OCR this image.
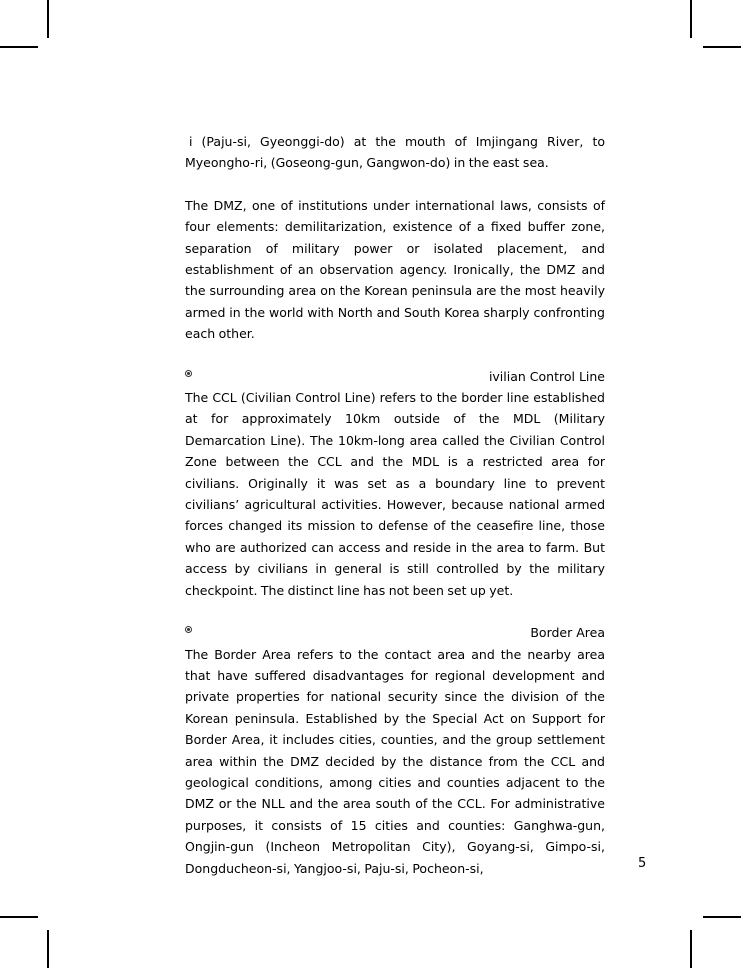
i (Paju-si, Gyeonggi-do) at the mouth of Imjingang River, to Myeongho-ri, (Goseong-gun, Gangwon-do) in the east sea.

The DMZ, one of institutions under international laws, consists of four elements: demilitarization, existence of a fixed buffer zone, separation of military power or isolated placement, and establishment of an observation agency. Ironically, the DMZ and the surrounding area on the Korean peninsula are the most heavily armed in the world with North and South Korea sharply confronting each other.

ivilian Control Line

The CCL (Civilian Control Line) refers to the border line established at for approximately 10km outside of the MDL (Military Demarcation Line). The 10km-long area called the Civilian Control Zone between the CCL and the MDL is a restricted area for civilians. Originally it was set as a boundary line to prevent civilians’ agricultural activities. However, because national armed forces changed its mission to defense of the ceasefire line, those who are authorized can access and reside in the area to farm. But access by civilians in general is still controlled by the military checkpoint. The distinct line has not been set up yet.

Border Area

The Border Area refers to the contact area and the nearby area that have suffered disadvantages for regional development and private properties for national security since the division of the Korean peninsula. Established by the Special Act on Support for Border Area, it includes cities, counties, and the group settlement area within the DMZ decided by the distance from the CCL and geological conditions, among cities and counties adjacent to the DMZ or the NLL and the area south of the CCL. For administrative purposes, it consists of 15 cities and counties: Ganghwa-gun, Ongjin-gun (Incheon Metropolitan City), Goyang-si, Gimpo-si, Dongducheon-si, Yangjoo-si, Paju-si, Pocheon-si,	5
